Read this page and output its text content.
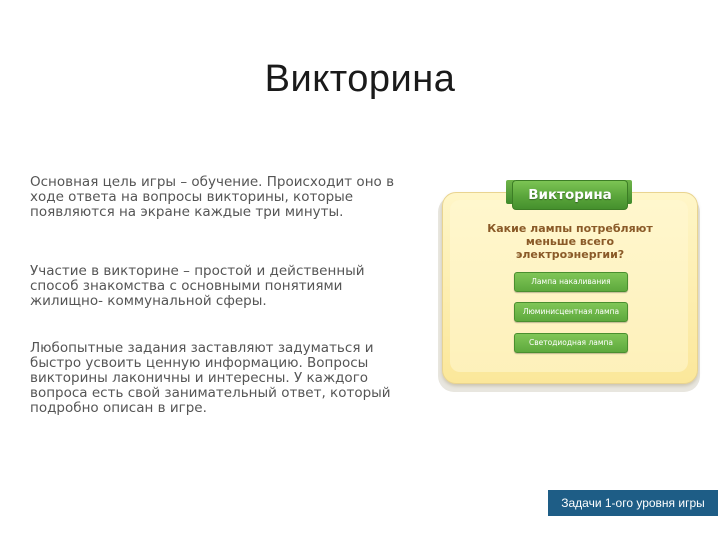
Викторина

Основная цель игры – обучение. Происходит оно в ходе ответа на вопросы викторины, которые появляются на экране каждые три минуты.

Участие в викторине – простой и действенный способ знакомства с основными понятиями жилищно- коммунальной сферы.

Любопытные задания заставляют задуматься и быстро усвоить ценную информацию. Вопросы викторины лаконичны и интересны. У каждого вопроса есть свой занимательный ответ, который подробно описан в игре.

Викторина

Какие лампы потребляют меньше всего электроэнергии?

Лампа накаливания
Люминисцентная лампа
Светодиодная лампа
Задачи 1-ого уровня игры
